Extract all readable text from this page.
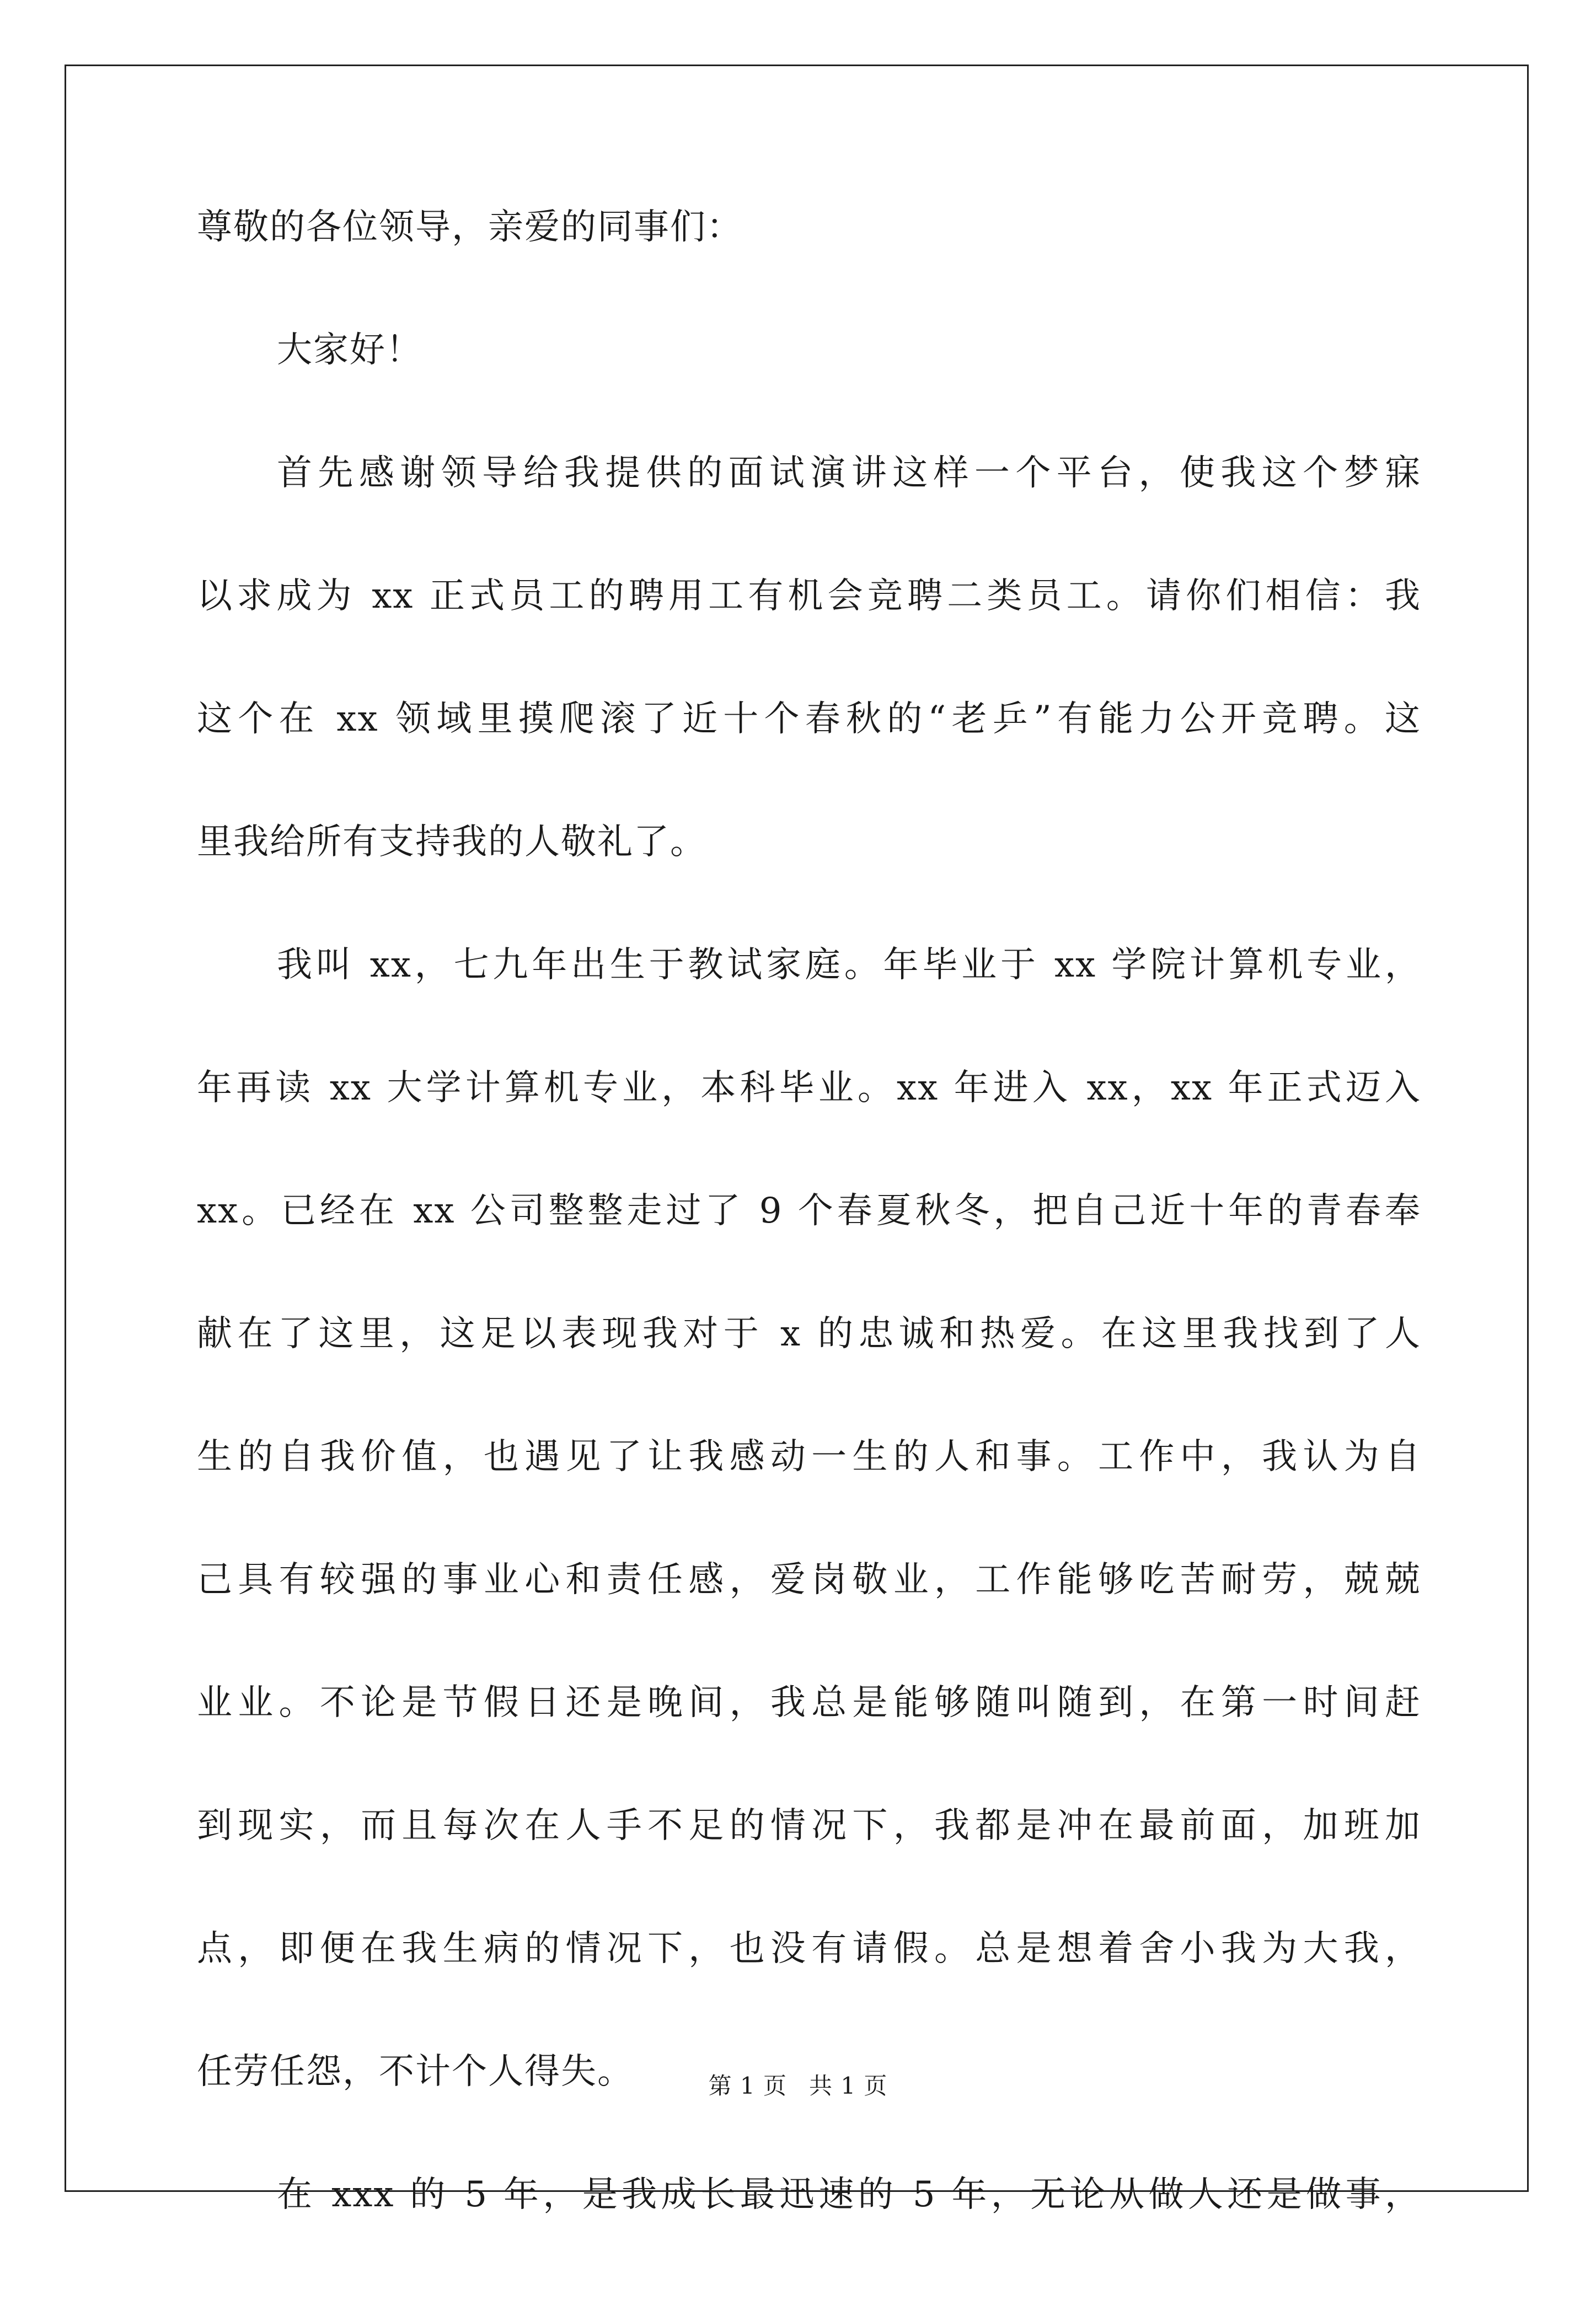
尊敬的各位领导，亲爱的同事们：
大家好！
首先感谢领导给我提供的面试演讲这样一个平台，使我这个梦寐
以求成为 xx 正式员工的聘用工有机会竞聘二类员工。请你们相信：我
这个在 xx 领域里摸爬滚了近十个春秋的“老乒”有能力公开竞聘。这
里我给所有支持我的人敬礼了。
我叫 xx，七九年出生于教试家庭。年毕业于 xx 学院计算机专业，
年再读 xx 大学计算机专业，本科毕业。xx 年进入 xx，xx 年正式迈入
xx。已经在 xx 公司整整走过了 9 个春夏秋冬，把自己近十年的青春奉
献在了这里，这足以表现我对于 x 的忠诚和热爱。在这里我找到了人
生的自我价值，也遇见了让我感动一生的人和事。工作中，我认为自
己具有较强的事业心和责任感，爱岗敬业，工作能够吃苦耐劳，兢兢
业业。不论是节假日还是晚间，我总是能够随叫随到，在第一时间赶
到现实，而且每次在人手不足的情况下，我都是冲在最前面，加班加
点，即便在我生病的情况下，也没有请假。总是想着舍小我为大我，
任劳任怨，不计个人得失。
在 xxx 的 5 年，是我成长最迅速的 5 年，无论从做人还是做事，
第 1 页 共 1 页
